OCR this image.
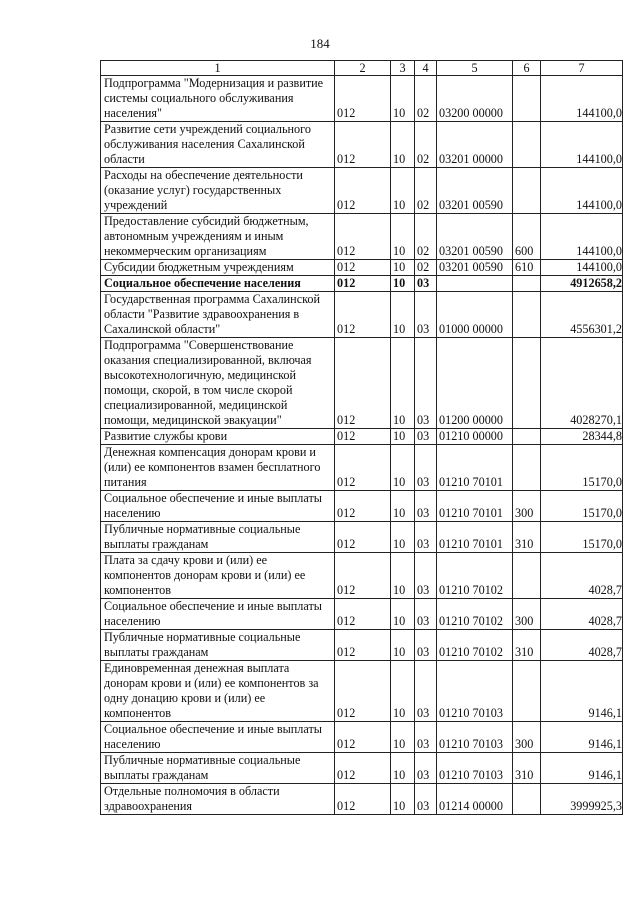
184
1	2	3	4	5	6	7
Подпрограмма "Модернизация и развитие системы социального обслуживания населения"	012	10	02	03200 00000		144100,0
Развитие сети учреждений социального обслуживания населения Сахалинской области	012	10	02	03201 00000		144100,0
Расходы на обеспечение деятельности (оказание услуг) государственных учреждений	012	10	02	03201 00590		144100,0
Предоставление субсидий бюджетным, автономным учреждениям и иным некоммерческим организациям	012	10	02	03201 00590	600	144100,0
Субсидии бюджетным учреждениям	012	10	02	03201 00590	610	144100,0
Социальное обеспечение населения	012	10	03			4912658,2
Государственная программа Сахалинской области "Развитие здравоохранения в Сахалинской области"	012	10	03	01000 00000		4556301,2
Подпрограмма "Совершенствование оказания специализированной, включая высокотехнологичную, медицинской помощи, скорой, в том числе скорой специализированной, медицинской помощи, медицинской эвакуации"	012	10	03	01200 00000		4028270,1
Развитие службы крови	012	10	03	01210 00000		28344,8
Денежная компенсация донорам крови и (или) ее компонентов взамен бесплатного питания	012	10	03	01210 70101		15170,0
Социальное обеспечение и иные выплаты населению	012	10	03	01210 70101	300	15170,0
Публичные нормативные социальные выплаты гражданам	012	10	03	01210 70101	310	15170,0
Плата за сдачу крови и (или) ее компонентов донорам крови и (или) ее компонентов	012	10	03	01210 70102		4028,7
Социальное обеспечение и иные выплаты населению	012	10	03	01210 70102	300	4028,7
Публичные нормативные социальные выплаты гражданам	012	10	03	01210 70102	310	4028,7
Единовременная денежная выплата донорам крови и (или) ее компонентов за одну донацию крови и (или) ее компонентов	012	10	03	01210 70103		9146,1
Социальное обеспечение и иные выплаты населению	012	10	03	01210 70103	300	9146,1
Публичные нормативные социальные выплаты гражданам	012	10	03	01210 70103	310	9146,1
Отдельные полномочия в области здравоохранения	012	10	03	01214 00000		3999925,3
